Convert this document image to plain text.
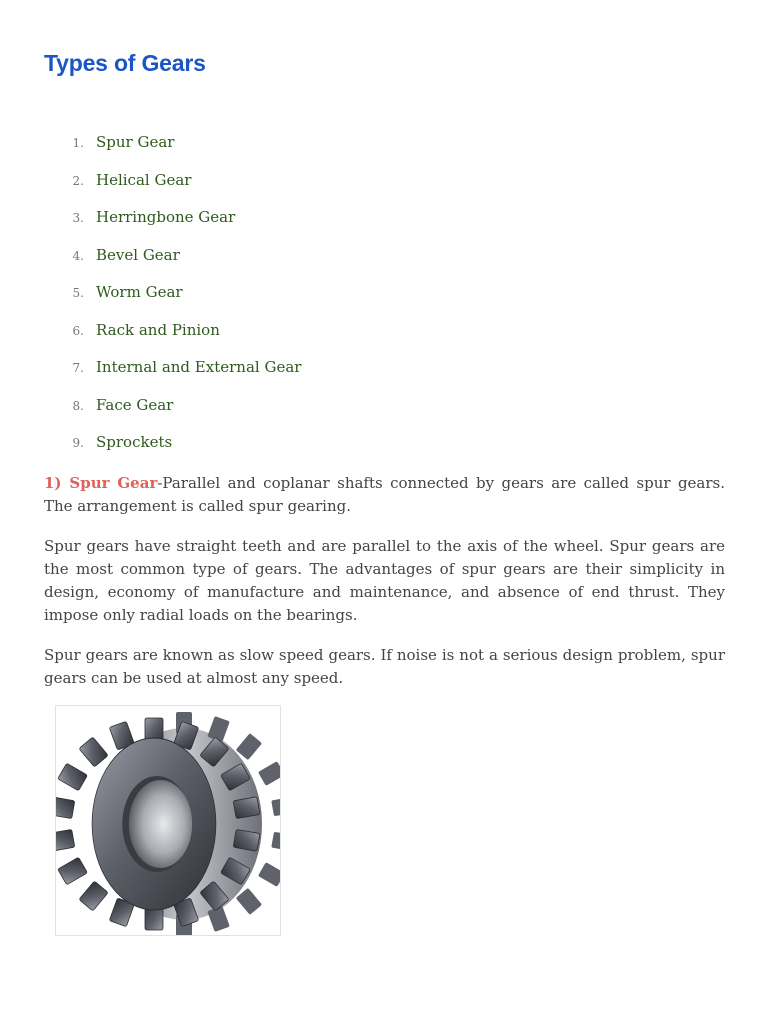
Types of Gears
1. Spur Gear
2. Helical Gear
3. Herringbone Gear
4. Bevel Gear
5. Worm Gear
6. Rack and Pinion
7. Internal and External Gear
8. Face Gear
9. Sprockets

1) Spur Gear-Parallel and coplanar shafts connected by gears are called spur gears. The arrangement is called spur gearing.

Spur gears have straight teeth and are parallel to the axis of the wheel. Spur gears are the most common type of gears. The advantages of spur gears are their simplicity in design, economy of manufacture and maintenance, and absence of end thrust. They impose only radial loads on the bearings.

Spur gears are known as slow speed gears. If noise is not a serious design problem, spur gears can be used at almost any speed.
